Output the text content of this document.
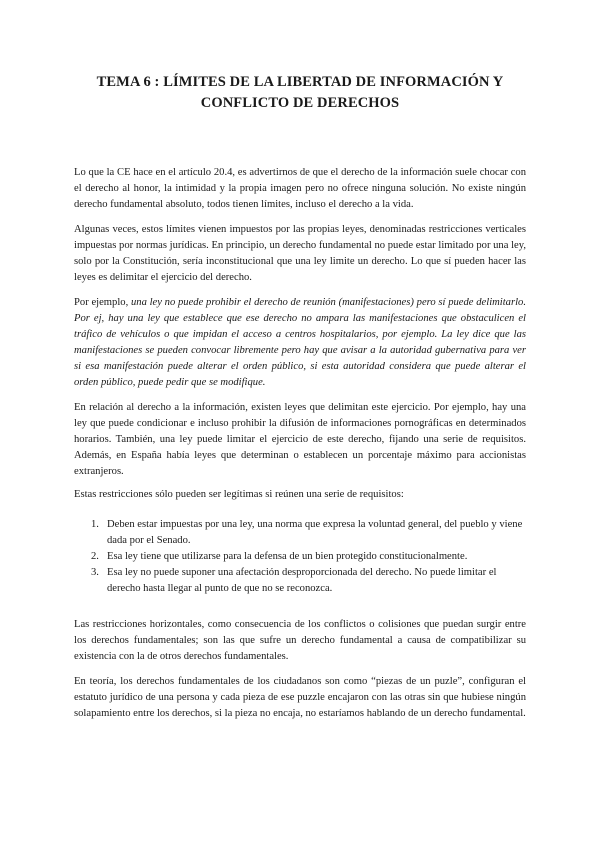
TEMA 6 : LÍMITES DE LA LIBERTAD DE INFORMACIÓN Y
CONFLICTO DE DERECHOS

Lo que la CE hace en el artículo 20.4, es advertirnos de que el derecho de la información suele chocar con el derecho al honor, la intimidad y la propia imagen pero no ofrece ninguna solución. No existe ningún derecho fundamental absoluto, todos tienen límites, incluso el derecho a la vida.

Algunas veces, estos límites vienen impuestos por las propias leyes, denominadas restricciones verticales impuestas por normas jurídicas. En principio, un derecho fundamental no puede estar limitado por una ley, solo por la Constitución, sería inconstitucional que una ley limite un derecho. Lo que sí pueden hacer las leyes es delimitar el ejercicio del derecho.

Por ejemplo, una ley no puede prohibir el derecho de reunión (manifestaciones) pero sí puede delimitarlo. Por ej, hay una ley que establece que ese derecho no ampara las manifestaciones que obstaculicen el tráfico de vehículos o que impidan el acceso a centros hospitalarios, por ejemplo. La ley dice que las manifestaciones se pueden convocar libremente pero hay que avisar a la autoridad gubernativa para ver si esa manifestación puede alterar el orden público, si esta autoridad considera que puede alterar el orden público, puede pedir que se modifique.

En relación al derecho a la información, existen leyes que delimitan este ejercicio. Por ejemplo, hay una ley que puede condicionar e incluso prohibir la difusión de informaciones pornográficas en determinados horarios. También, una ley puede limitar el ejercicio de este derecho, fijando una serie de requisitos. Además, en España había leyes que determinan o establecen un porcentaje máximo para accionistas extranjeros.

Estas restricciones sólo pueden ser legítimas si reúnen una serie de requisitos:

1. Deben estar impuestas por una ley, una norma que expresa la voluntad general, del pueblo y viene dada por el Senado.
2. Esa ley tiene que utilizarse para la defensa de un bien protegido constitucionalmente.
3. Esa ley no puede suponer una afectación desproporcionada del derecho. No puede limitar el derecho hasta llegar al punto de que no se reconozca.

Las restricciones horizontales, como consecuencia de los conflictos o colisiones que puedan surgir entre los derechos fundamentales; son las que sufre un derecho fundamental a causa de compatibilizar su existencia con la de otros derechos fundamentales.

En teoría, los derechos fundamentales de los ciudadanos son como “piezas de un puzle”, configuran el estatuto jurídico de una persona y cada pieza de ese puzzle encajaron con las otras sin que hubiese ningún solapamiento entre los derechos, si la pieza no encaja, no estaríamos hablando de un derecho fundamental.
